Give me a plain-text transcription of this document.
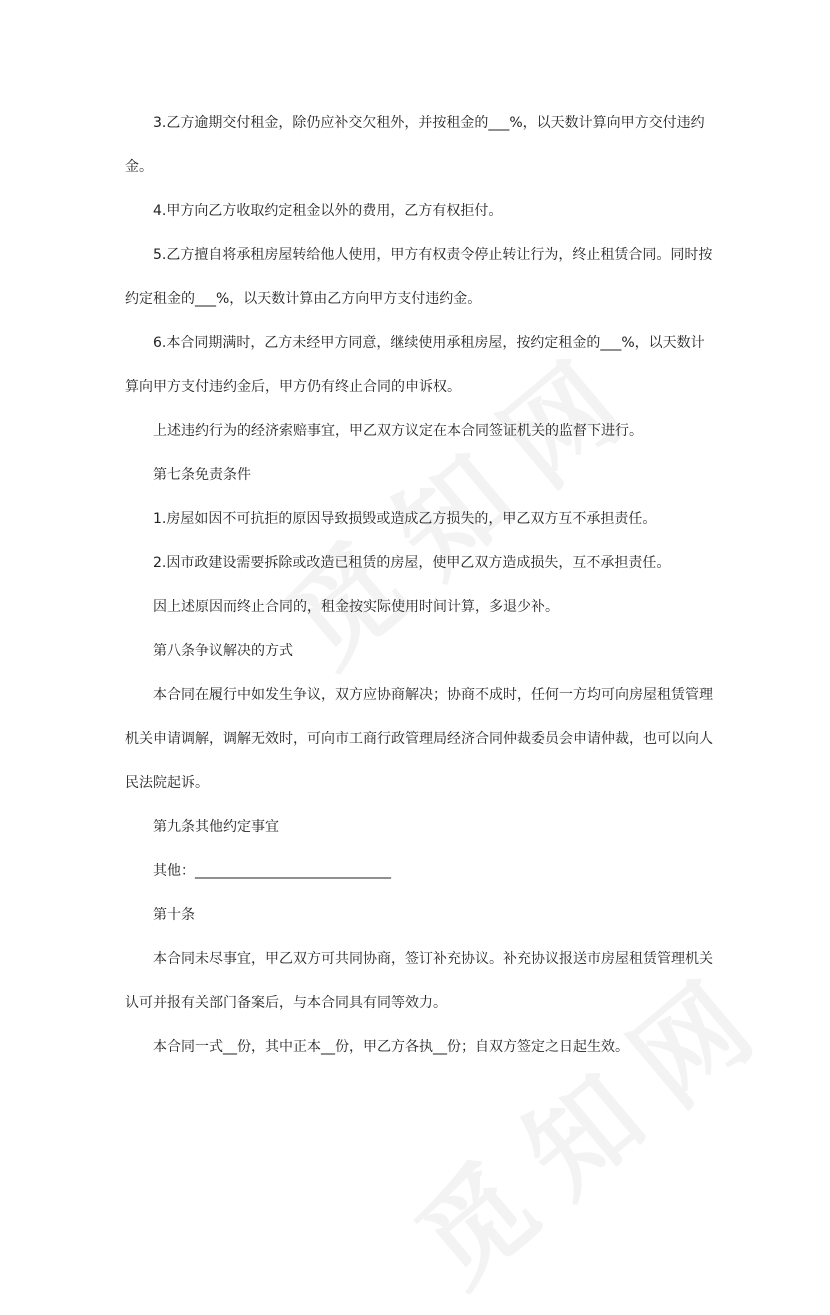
3.乙方逾期交付租金，除仍应补交欠租外，并按租金的___%，以天数计算向甲方交付违约金。

4.甲方向乙方收取约定租金以外的费用，乙方有权拒付。

5.乙方擅自将承租房屋转给他人使用，甲方有权责令停止转让行为，终止租赁合同。同时按约定租金的___%，以天数计算由乙方向甲方支付违约金。

6.本合同期满时，乙方未经甲方同意，继续使用承租房屋，按约定租金的___%，以天数计算向甲方支付违约金后，甲方仍有终止合同的申诉权。

上述违约行为的经济索赔事宜，甲乙双方议定在本合同签证机关的监督下进行。

第七条免责条件

1.房屋如因不可抗拒的原因导致损毁或造成乙方损失的，甲乙双方互不承担责任。

2.因市政建设需要拆除或改造已租赁的房屋，使甲乙双方造成损失，互不承担责任。

因上述原因而终止合同的，租金按实际使用时间计算，多退少补。

第八条争议解决的方式

本合同在履行中如发生争议，双方应协商解决；协商不成时，任何一方均可向房屋租赁管理机关申请调解，调解无效时，可向市工商行政管理局经济合同仲裁委员会申请仲裁，也可以向人民法院起诉。

第九条其他约定事宜

其他：____________________________

第十条

本合同未尽事宜，甲乙双方可共同协商，签订补充协议。补充协议报送市房屋租赁管理机关认可并报有关部门备案后，与本合同具有同等效力。

本合同一式__份，其中正本__份，甲乙方各执__份；自双方签定之日起生效。
